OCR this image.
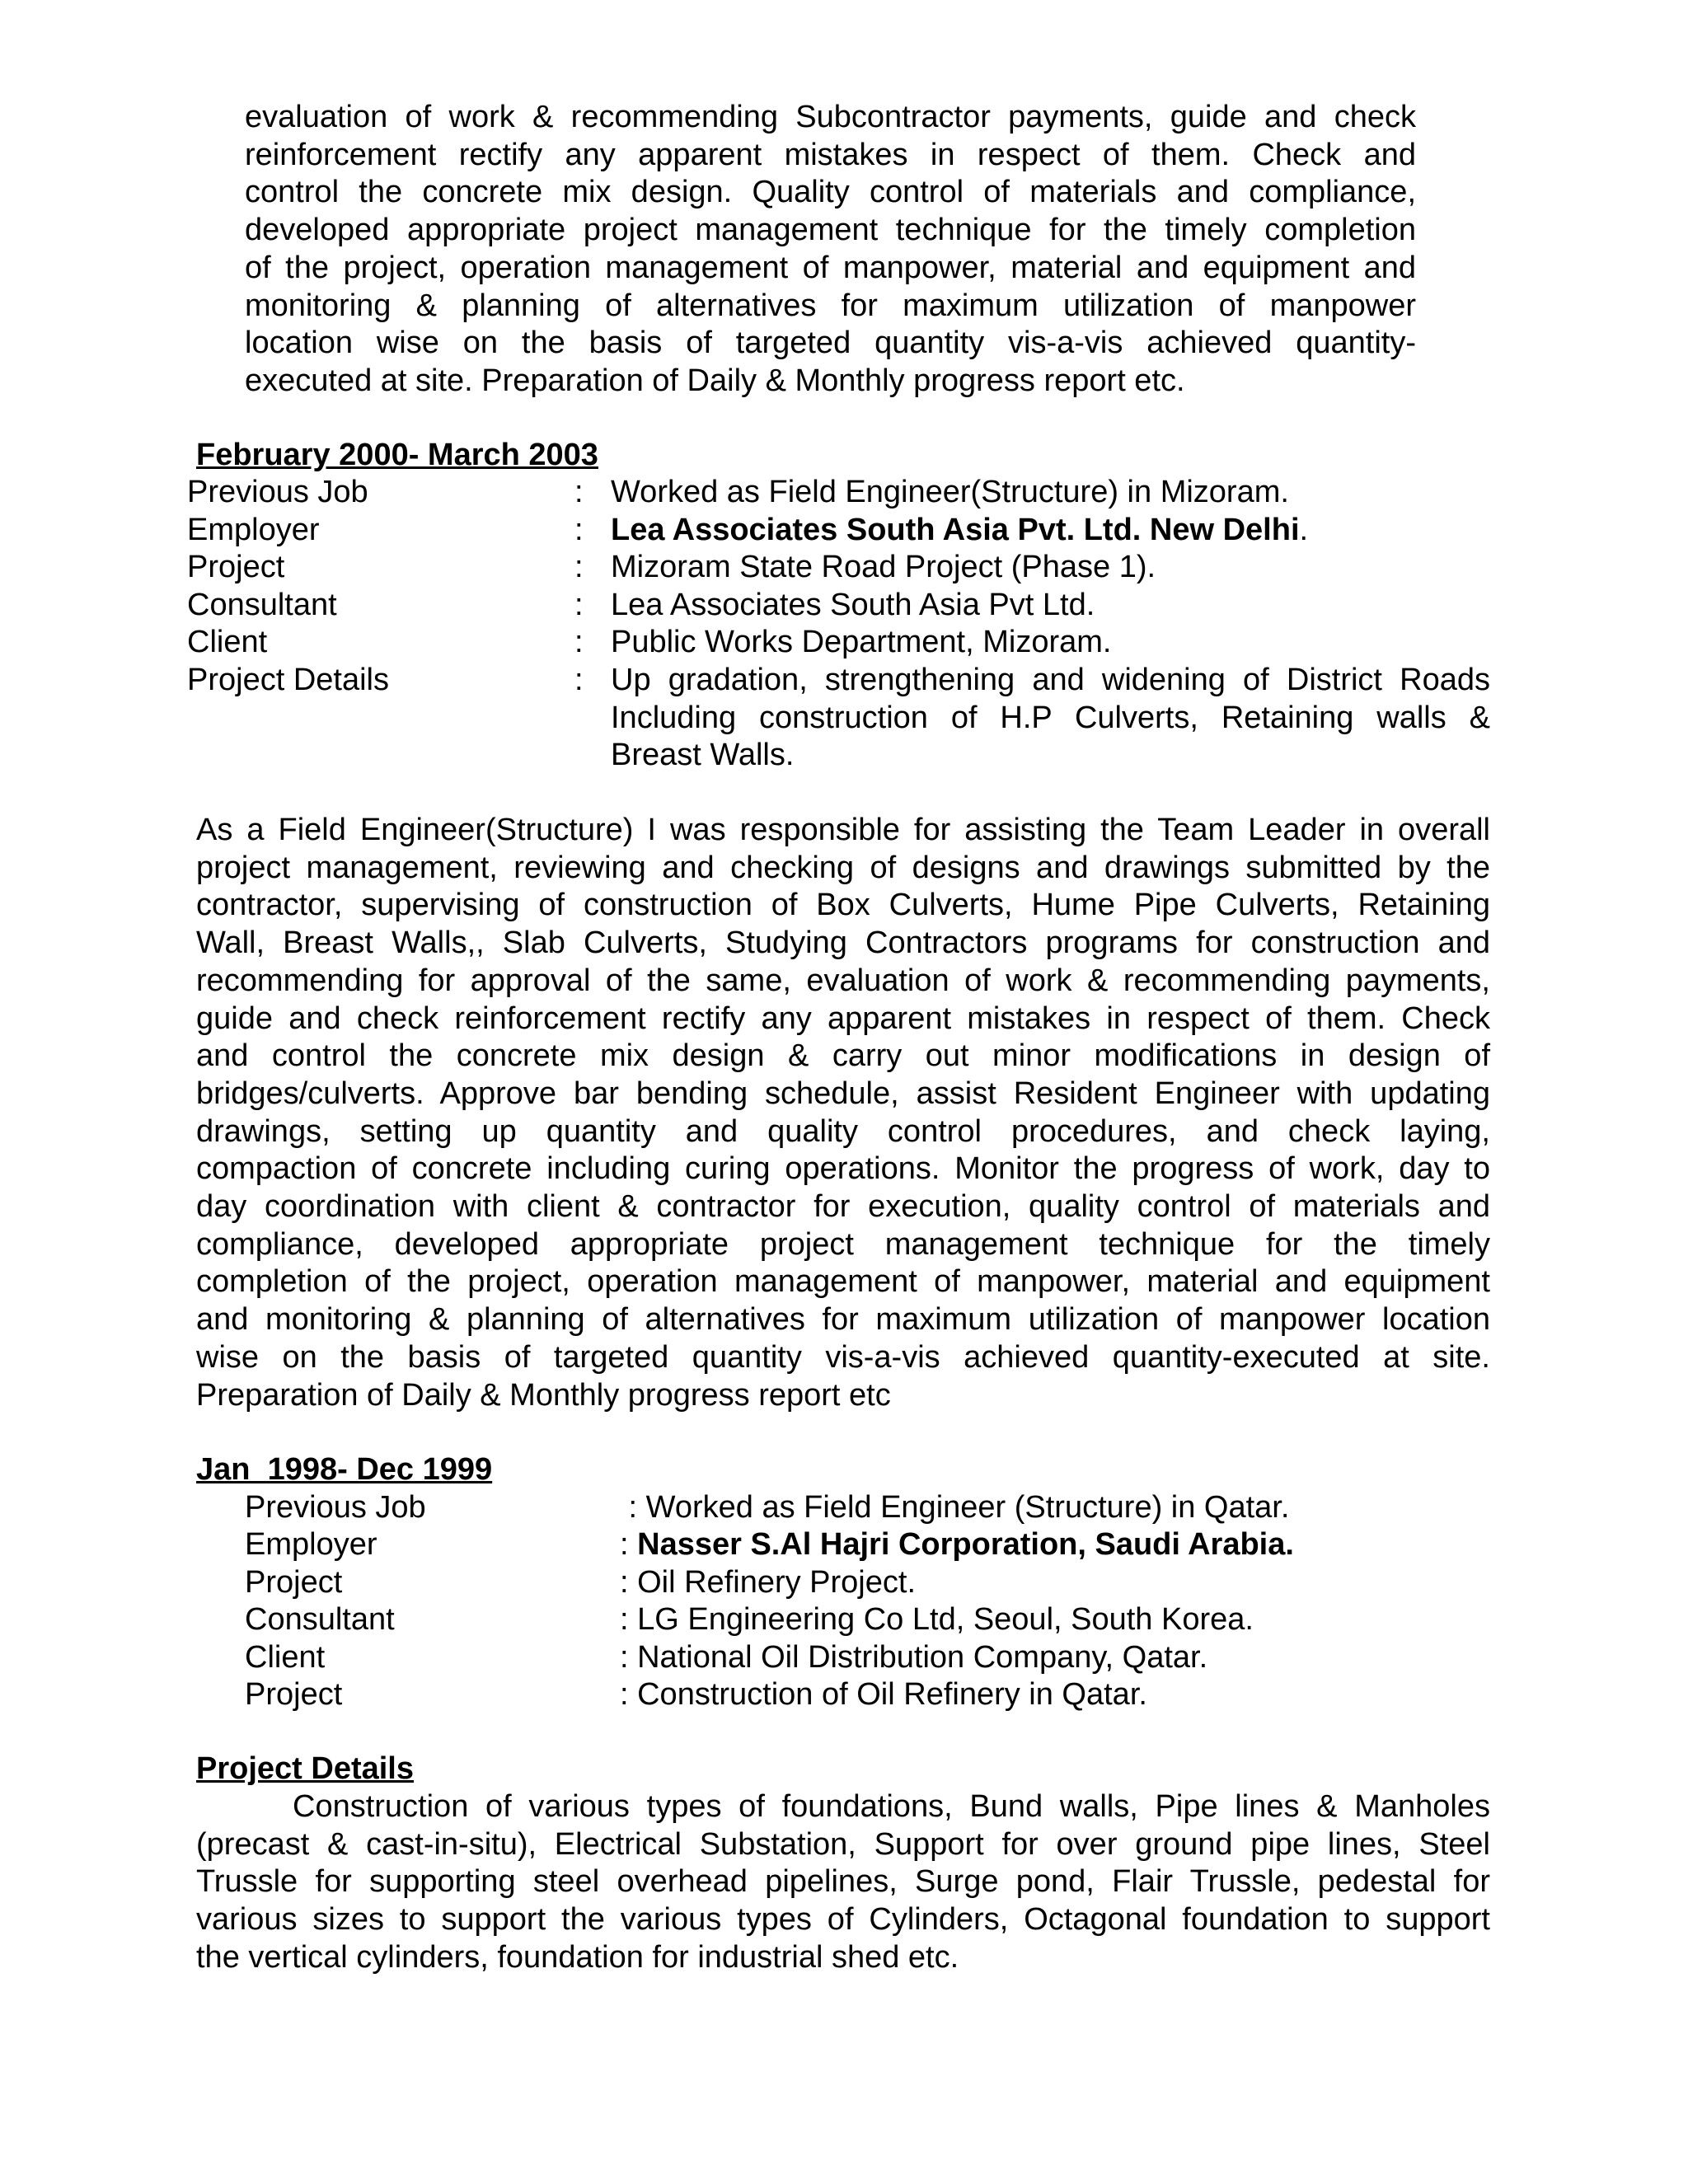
evaluation of work & recommending Subcontractor payments, guide and check
reinforcement rectify any apparent mistakes in respect of them. Check and
control the concrete mix design. Quality control of materials and compliance,
developed appropriate project management technique for the timely completion
of the project, operation management of manpower, material and equipment and
monitoring & planning of alternatives for maximum utilization of manpower
location wise on the basis of targeted quantity vis-a-vis achieved quantity-
executed at site. Preparation of Daily & Monthly progress report etc.
February 2000- March 2003
Previous Job	: Worked as Field Engineer(Structure) in Mizoram.
Employer	: Lea Associates South Asia Pvt. Ltd. New Delhi.
Project	: Mizoram State Road Project (Phase 1).
Consultant	: Lea Associates South Asia Pvt Ltd.
Client	: Public Works Department, Mizoram.
Project Details	: Up gradation, strengthening and widening of District Roads
Including construction of H.P Culverts, Retaining walls &
Breast Walls.
As a Field Engineer(Structure) I was responsible for assisting the Team Leader in overall
project management, reviewing and checking of designs and drawings submitted by the
contractor, supervising of construction of Box Culverts, Hume Pipe Culverts, Retaining
Wall, Breast Walls,, Slab Culverts, Studying Contractors programs for construction and
recommending for approval of the same, evaluation of work & recommending payments,
guide and check reinforcement rectify any apparent mistakes in respect of them. Check
and control the concrete mix design & carry out minor modifications in design of
bridges/culverts. Approve bar bending schedule, assist Resident Engineer with updating
drawings, setting up quantity and quality control procedures, and check laying,
compaction of concrete including curing operations. Monitor the progress of work, day to
day coordination with client & contractor for execution, quality control of materials and
compliance, developed appropriate project management technique for the timely
completion of the project, operation management of manpower, material and equipment
and monitoring & planning of alternatives for maximum utilization of manpower location
wise on the basis of targeted quantity vis-a-vis achieved quantity-executed at site.
Preparation of Daily & Monthly progress report etc
Jan  1998- Dec 1999
Previous Job	: Worked as Field Engineer (Structure) in Qatar.
Employer	: Nasser S.Al Hajri Corporation, Saudi Arabia.
Project	: Oil Refinery Project.
Consultant	: LG Engineering Co Ltd, Seoul, South Korea.
Client	: National Oil Distribution Company, Qatar.
Project	: Construction of Oil Refinery in Qatar.
Project Details
Construction of various types of foundations, Bund walls, Pipe lines & Manholes
(precast & cast-in-situ), Electrical Substation, Support for over ground pipe lines, Steel
Trussle for supporting steel overhead pipelines, Surge pond, Flair Trussle, pedestal for
various sizes to support the various types of Cylinders, Octagonal foundation to support
the vertical cylinders, foundation for industrial shed etc.
